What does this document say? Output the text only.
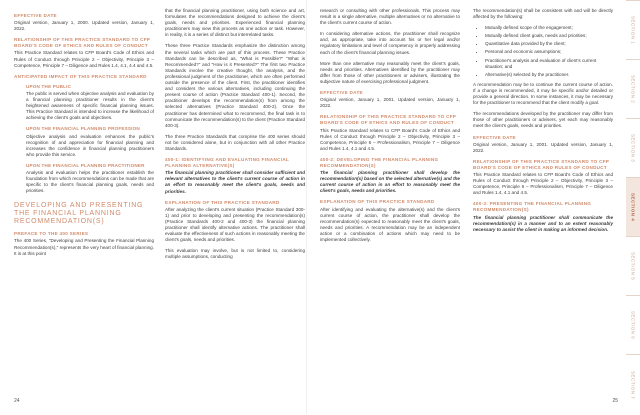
EFFECTIVE DATE
Original version, January 1, 2000. Updated version, January 1, 2022.
RELATIONSHIP OF THIS PRACTICE STANDARD TO CFP BOARD'S CODE OF ETHICS AND RULES OF CONDUCT
This Practice Standard relates to CFP Board's Code of Ethics and Rules of Conduct through Principle 2 – Objectivity, Principle 3 – Competence, Principle 7 – Diligence and Rules 1.4, 4.1, 4.4 and 4.5.
ANTICIPATED IMPACT OF THIS PRACTICE STANDARD
UPON THE PUBLIC
The public is served when objective analysis and evaluation by a financial planning practitioner results in the client's heightened awareness of specific financial planning issues. This Practice Standard is intended to increase the likelihood of achieving the client's goals and objectives.
UPON THE FINANCIAL PLANNING PROFESSION
Objective analysis and evaluation enhances the public's recognition of and appreciation for financial planning and increases the confidence in financial planning practitioners who provide this service.
UPON THE FINANCIAL PLANNING PRACTITIONER
Analysis and evaluation helps the practitioner establish the foundation from which recommendations can be made that are specific to the client's financial planning goals, needs and priorities.
DEVELOPING AND PRESENTING THE FINANCIAL PLANNING RECOMMENDATION(S)
PREFACE TO THE 400 SERIES
The 400 Series, "Developing and Presenting the Financial Planning Recommendation(s)," represents the very heart of financial planning. It is at this point
that the financial planning practitioner, using both science and art, formulates the recommendations designed to achieve the client's goals, needs and priorities. Experienced financial planning practitioners may view this process as one action or task. However, in reality, it is a series of distinct but interrelated tasks.
These three Practice Standards emphasize the distinction among the several tasks which are part of this process. These Practice Standards can be described as, "What is Possible?" "What is Recommended?" and "How is it Presented?" The first two Practice Standards involve the creative thought, the analysis, and the professional judgment of the practitioner, which are often performed outside the presence of the client. First, the practitioner identifies and considers the various alternatives, including continuing the present course of action (Practice Standard 400-1). Second, the practitioner develops the recommendation(s) from among the selected alternatives (Practice Standard 400-2). Once the practitioner has determined what to recommend, the final task is to communicate the recommendation(s) to the client (Practice Standard 400-3).
The three Practice Standards that comprise the 400 series should not be considered alone, but in conjunction with all other Practice Standards.
400-1: IDENTIFYING AND EVALUATING FINANCIAL PLANNING ALTERNATIVE(S)
The financial planning practitioner shall consider sufficient and relevant alternatives to the client's current course of action in an effort to reasonably meet the client's goals, needs and priorities.
EXPLANATION OF THIS PRACTICE STANDARD
After analyzing the client's current situation (Practice Standard 300-1) and prior to developing and presenting the recommendation(s) (Practice Standards 400-2 and 400-3) the financial planning practitioner shall identify alternative actions. The practitioner shall evaluate the effectiveness of such actions in reasonably meeting the client's goals, needs and priorities.
This evaluation may involve, but is not limited to, considering multiple assumptions, conducting
research or consulting with other professionals. This process may result in a single alternative, multiple alternatives or no alternative to the client's current course of action.
In considering alternative actions, the practitioner shall recognize and, as appropriate, take into account his or her legal and/or regulatory limitations and level of competency in properly addressing each of the client's financial planning issues.
More than one alternative may reasonably meet the client's goals, needs and priorities. Alternatives identified by the practitioner may differ from those of other practitioners or advisers, illustrating the subjective nature of exercising professional judgment.
EFFECTIVE DATE
Original version, January 1, 2001. Updated version, January 1, 2022.
RELATIONSHIP OF THIS PRACTICE STANDARD TO CFP BOARD'S CODE OF ETHICS AND RULES OF CONDUCT
This Practice Standard relates to CFP Board's Code of Ethics and Rules of Conduct through Principle 2 – Objectivity, Principle 3 – Competence, Principle 6 – Professionalism, Principle 7 – Diligence and Rules 1.4, 4.1 and 4.5.
400-2: DEVELOPING THE FINANCIAL PLANNING RECOMMENDATION(S)
The financial planning practitioner shall develop the recommendation(s) based on the selected alternative(s) and the current course of action in an effort to reasonably meet the client's goals, needs and priorities.
EXPLANATION OF THIS PRACTICE STANDARD
After identifying and evaluating the alternative(s) and the client's current course of action, the practitioner shall develop the recommendation(s) expected to reasonably meet the client's goals, needs and priorities. A recommendation may be an independent action or a combination of actions which may need to be implemented collectively.
The recommendation(s) shall be consistent with and will be directly affected by the following:
• Mutually defined scope of the engagement;
• Mutually defined client goals, needs and priorities;
• Quantitative data provided by the client;
• Personal and economic assumptions;
• Practitioner's analysis and evaluation of client's current situation; and
• Alternative(s) selected by the practitioner.
A recommendation may be to continue the current course of action. If a change is recommended, it may be specific and/or detailed or provide a general direction. In some instances, it may be necessary for the practitioner to recommend that the client modify a goal.
The recommendations developed by the practitioner may differ from those of other practitioners or advisers, yet each may reasonably meet the client's goals, needs and priorities.
EFFECTIVE DATE
Original version, January 1, 2001. Updated version, January 1, 2022.
RELATIONSHIP OF THIS PRACTICE STANDARD TO CFP BOARD'S CODE OF ETHICS AND RULES OF CONDUCT
This Practice Standard relates to CFP Board's Code of Ethics and Rules of Conduct through Principle 2 – Objectivity, Principle 3 – Competence, Principle 6 – Professionalism, Principle 7 – Diligence and Rules 1.4, 4.1 and 4.5.
400-3: PRESENTING THE FINANCIAL PLANNING RECOMMENDATION(S)
The financial planning practitioner shall communicate the recommendation(s) in a manner and to an extent reasonably necessary to assist the client in making an informed decision.
24	25
SECTION 1
SECTION 2
SECTION 3
SECTION 4
SECTION 5
SECTION 6
SECTION 7
